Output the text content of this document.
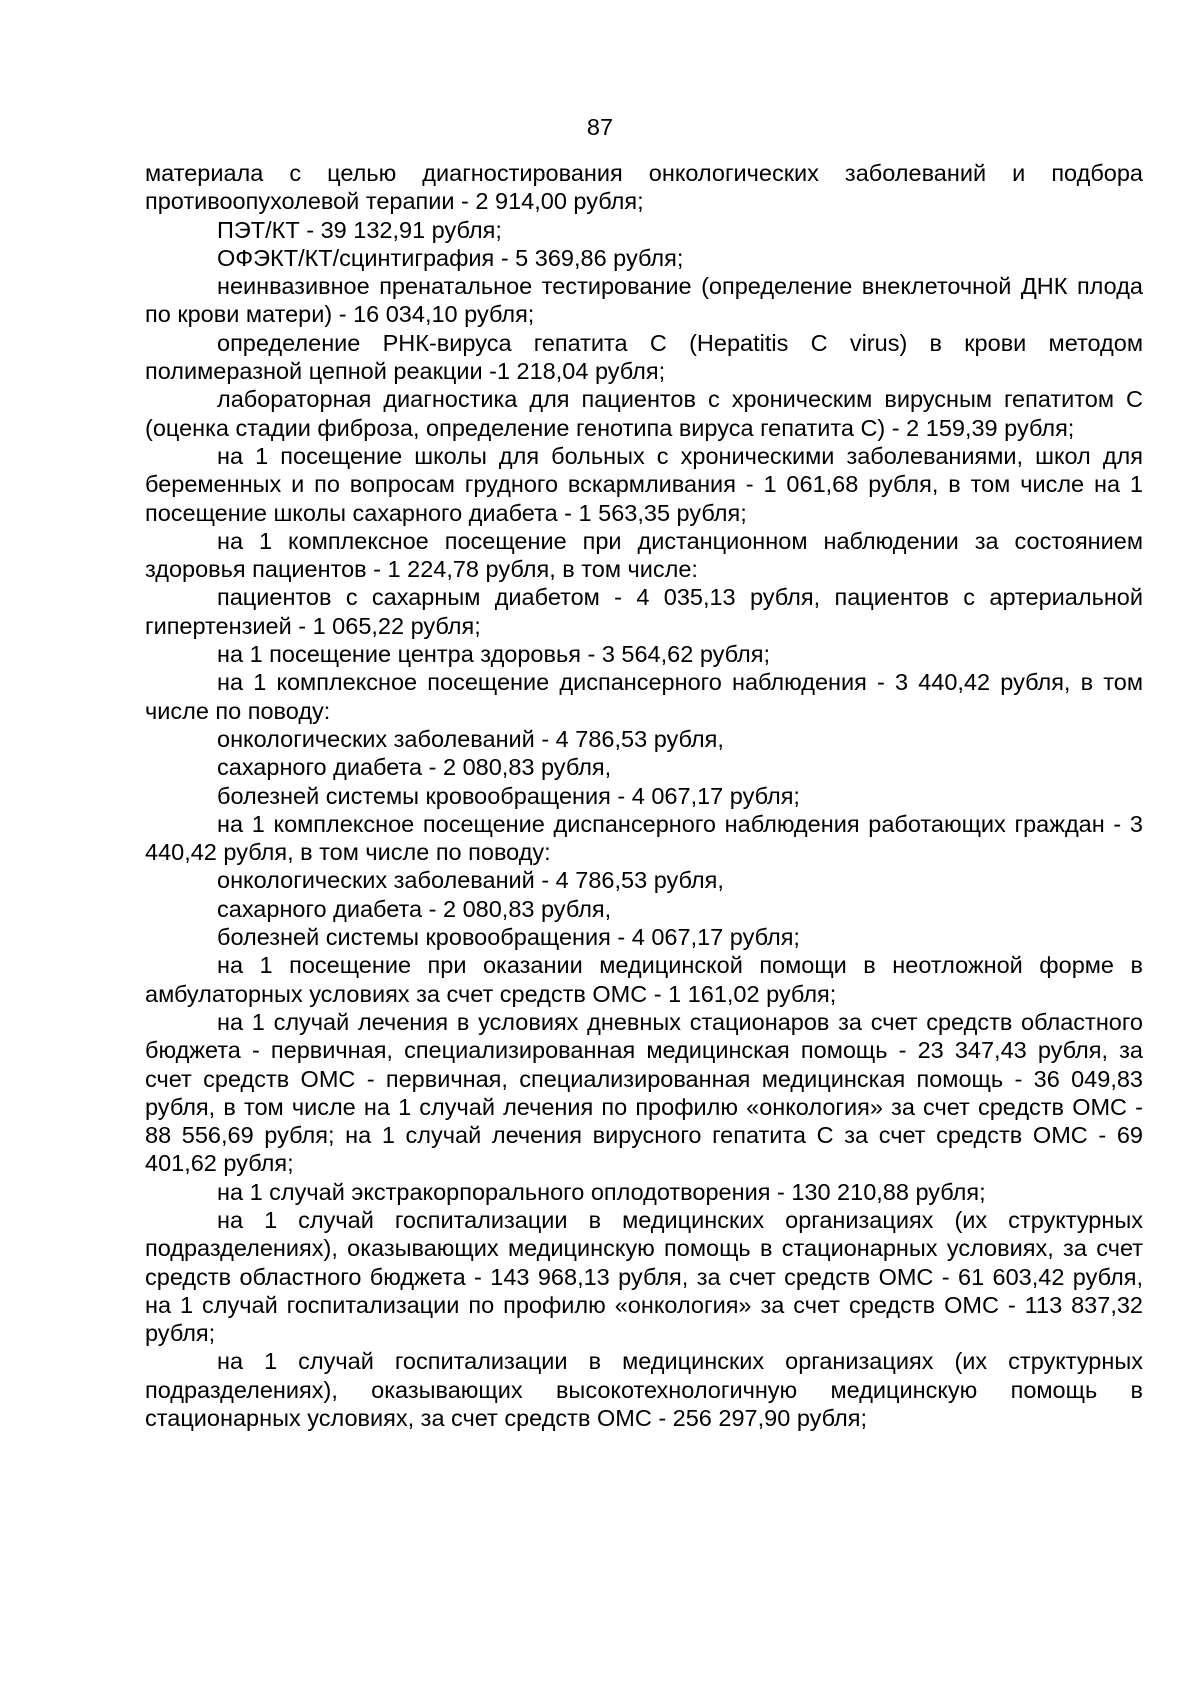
87

материала с целью диагностирования онкологических заболеваний и подбора противоопухолевой терапии - 2 914,00 рубля;

ПЭТ/КТ - 39 132,91 рубля;

ОФЭКТ/КТ/сцинтиграфия - 5 369,86 рубля;

неинвазивное пренатальное тестирование (определение внеклеточной ДНК плода по крови матери) - 16 034,10 рубля;

определение РНК-вируса гепатита С (Hepatitis C virus) в крови методом полимеразной цепной реакции -1 218,04 рубля;

лабораторная диагностика для пациентов с хроническим вирусным гепатитом С (оценка стадии фиброза, определение генотипа вируса гепатита С) - 2 159,39 рубля;

на 1 посещение школы для больных с хроническими заболеваниями, школ для беременных и по вопросам грудного вскармливания - 1 061,68 рубля, в том числе на 1 посещение школы сахарного диабета - 1 563,35 рубля;

на 1 комплексное посещение при дистанционном наблюдении за состоянием здоровья пациентов - 1 224,78 рубля, в том числе:

пациентов с сахарным диабетом - 4 035,13 рубля, пациентов с артериальной гипертензией - 1 065,22 рубля;

на 1 посещение центра здоровья - 3 564,62 рубля;

на 1 комплексное посещение диспансерного наблюдения - 3 440,42 рубля, в том числе по поводу:

онкологических заболеваний - 4 786,53 рубля,

сахарного диабета - 2 080,83 рубля,

болезней системы кровообращения - 4 067,17 рубля;

на 1 комплексное посещение диспансерного наблюдения работающих граждан - 3 440,42 рубля, в том числе по поводу:

онкологических заболеваний - 4 786,53 рубля,

сахарного диабета - 2 080,83 рубля,

болезней системы кровообращения - 4 067,17 рубля;

на 1 посещение при оказании медицинской помощи в неотложной форме в амбулаторных условиях за счет средств ОМС - 1 161,02 рубля;

на 1 случай лечения в условиях дневных стационаров за счет средств областного бюджета - первичная, специализированная медицинская помощь - 23 347,43 рубля, за счет средств ОМС - первичная, специализированная медицинская помощь - 36 049,83 рубля, в том числе на 1 случай лечения по профилю «онкология» за счет средств ОМС - 88 556,69 рубля; на 1 случай лечения вирусного гепатита С за счет средств ОМС - 69 401,62 рубля;

на 1 случай экстракорпорального оплодотворения - 130 210,88 рубля;

на 1 случай госпитализации в медицинских организациях (их структурных подразделениях), оказывающих медицинскую помощь в стационарных условиях, за счет средств областного бюджета - 143 968,13 рубля, за счет средств ОМС - 61 603,42 рубля, на 1 случай госпитализации по профилю «онкология» за счет средств ОМС - 113 837,32 рубля;

на 1 случай госпитализации в медицинских организациях (их структурных подразделениях), оказывающих высокотехнологичную медицинскую помощь в стационарных условиях, за счет средств ОМС - 256 297,90 рубля;
